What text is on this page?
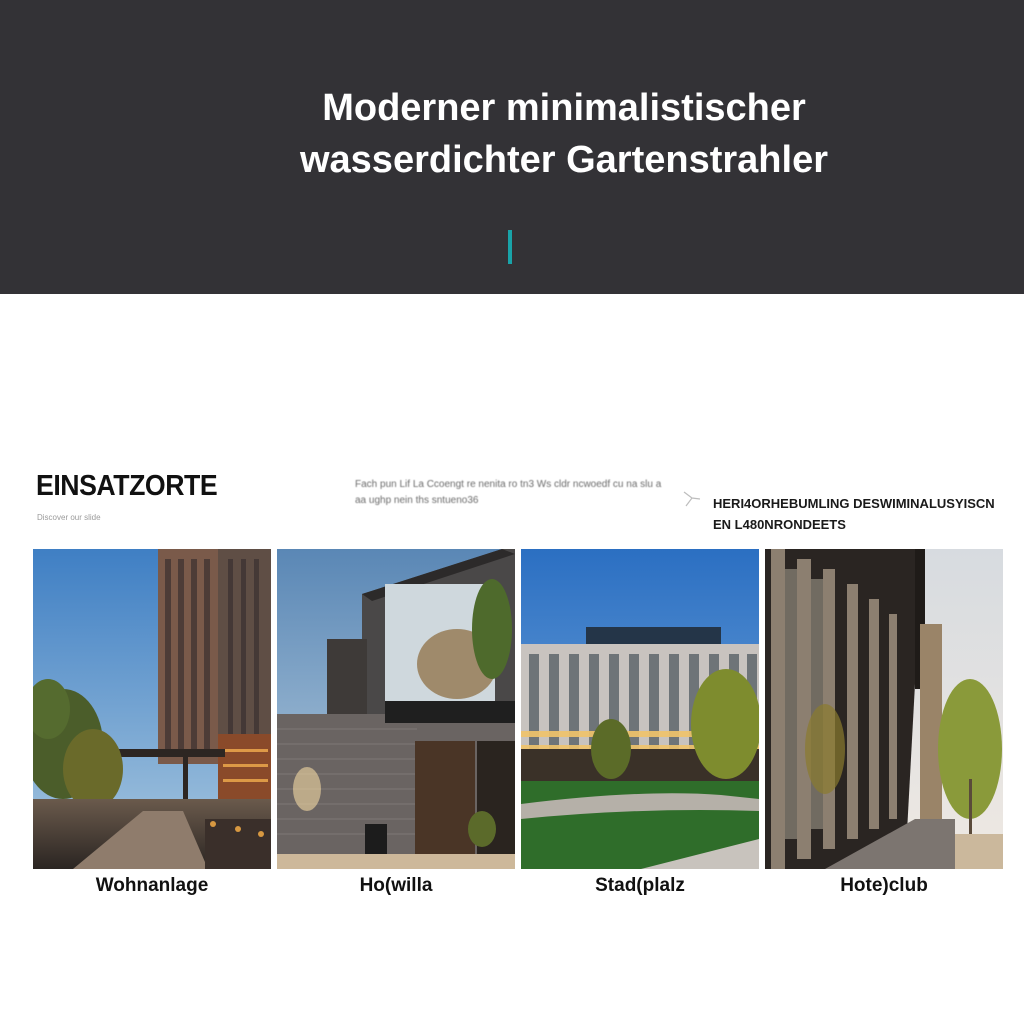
Moderner minimalistischer
wasserdichter Gartenstrahler
EINSATZORTE
Discover our slide
Fach pun Lif La Ccoengt re nenita ro tn3 Ws cldr ncwoedf cu na slu a aa ughp nein ths sntueno36	HERI4ORHEBUMLING DESWIMINALUSYISCN
EN L480NRONDEETS
Wohnanlage	Ho(willa	Stad(plalz	Hote)club
